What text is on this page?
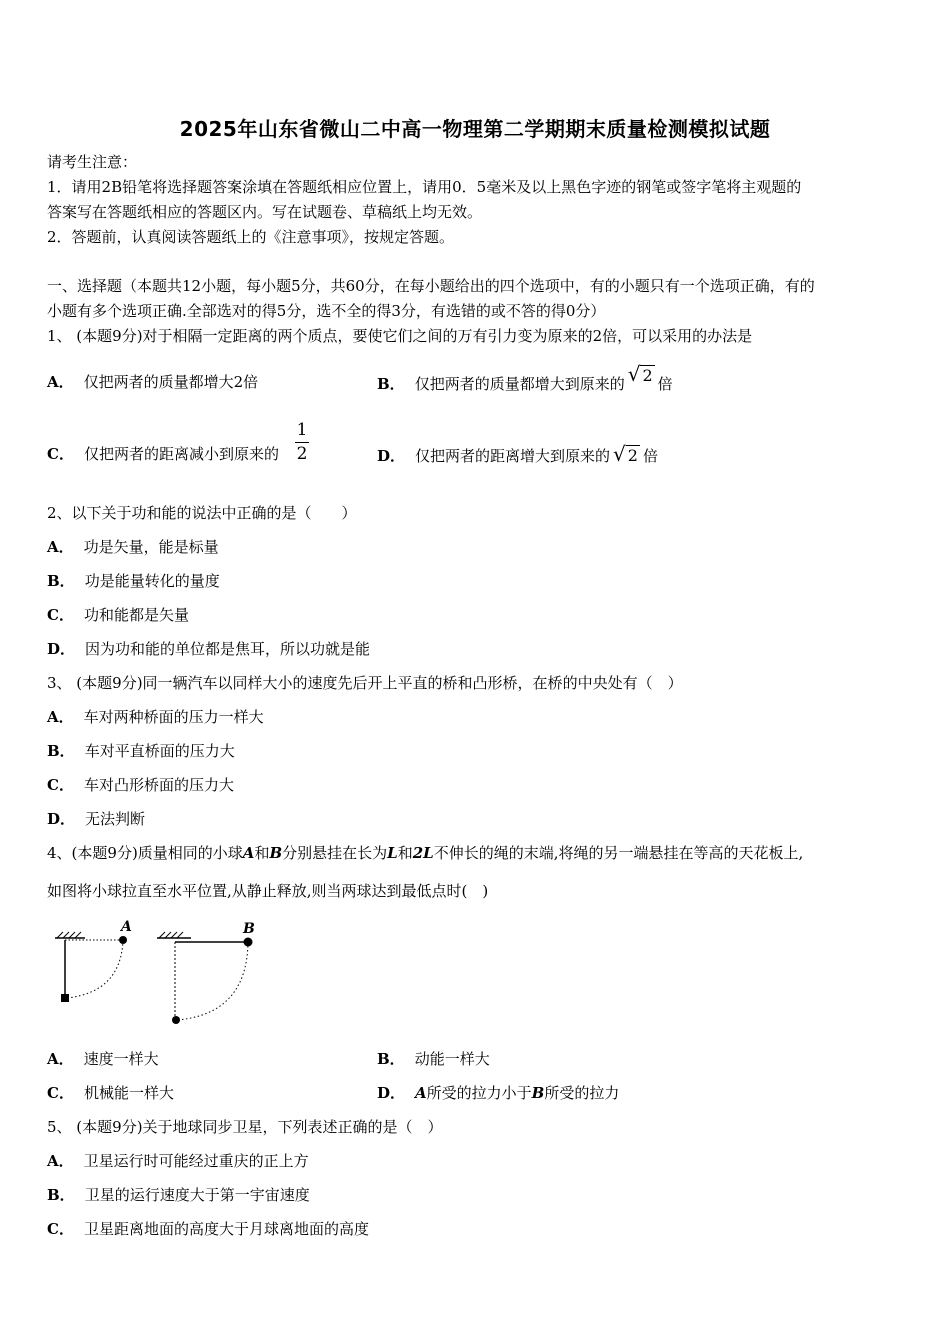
2025年山东省微山二中高一物理第二学期期末质量检测模拟试题
请考生注意：
1．请用2B铅笔将选择题答案涂填在答题纸相应位置上，请用0．5毫米及以上黑色字迹的钢笔或签字笔将主观题的
答案写在答题纸相应的答题区内。写在试题卷、草稿纸上均无效。
2．答题前，认真阅读答题纸上的《注意事项》，按规定答题。
一、选择题（本题共12小题，每小题5分，共60分，在每小题给出的四个选项中，有的小题只有一个选项正确，有的
小题有多个选项正确.全部选对的得5分，选不全的得3分，有选错的或不答的得0分）
1、 (本题9分)对于相隔一定距离的两个质点，要使它们之间的万有引力变为原来的2倍，可以采用的办法是
A． 仅把两者的质量都增大2倍	B． 仅把两者的质量都增大到原来的 √ 2 倍
C． 仅把两者的距离减小到原来的
1
2	D． 仅把两者的距离增大到原来的 √ 2 倍
2、以下关于功和能的说法中正确的是（　　）
A． 功是矢量，能是标量
B． 功是能量转化的量度
C． 功和能都是矢量
D． 因为功和能的单位都是焦耳，所以功就是能
3、 (本题9分)同一辆汽车以同样大小的速度先后开上平直的桥和凸形桥，在桥的中央处有（　）
A． 车对两种桥面的压力一样大
B． 车对平直桥面的压力大
C． 车对凸形桥面的压力大
D． 无法判断
4、(本题9分)质量相同的小球A和B分别悬挂在长为L和2L不伸长的绳的末端,将绳的另一端悬挂在等高的天花板上,
如图将小球拉直至水平位置,从静止释放,则当两球达到最低点时(　)
A	B
A． 速度一样大	B． 动能一样大
C． 机械能一样大	D． A所受的拉力小于B所受的拉力
5、 (本题9分)关于地球同步卫星，下列表述正确的是（　）
A． 卫星运行时可能经过重庆的正上方
B． 卫星的运行速度大于第一宇宙速度
C． 卫星距离地面的高度大于月球离地面的高度
